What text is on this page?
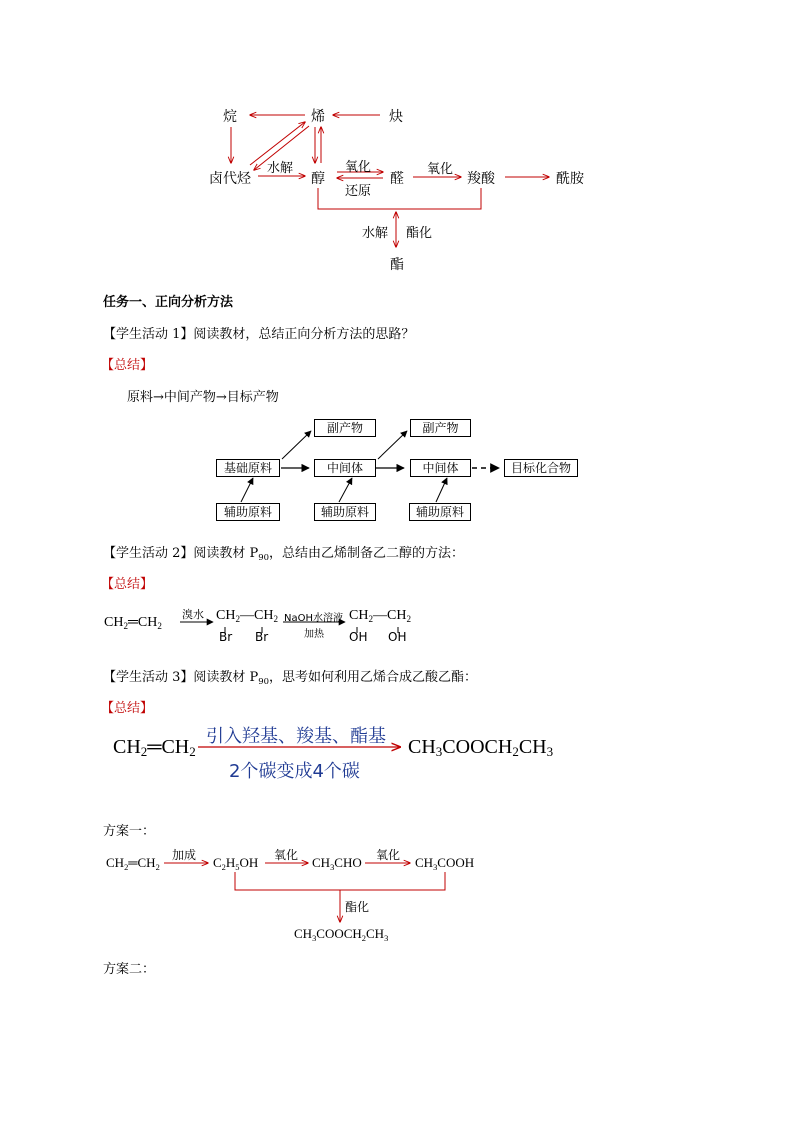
烷	烯	炔
卤代烃	醇	醛	羧酸	酰胺
酯
水解	氧化
还原
氧化
水解 酯化
任务一、正向分析方法
【学生活动 1】阅读教材，总结正向分析方法的思路？
【总结】
原料→中间产物→目标产物
副产物	副产物
基础原料	中间体	中间体	目标化合物
辅助原料	辅助原料	辅助原料
【学生活动 2】阅读教材 $P_{90}$，总结由乙烯制备乙二醇的方法：
【总结】
$CH_2═CH_2$
溴水 $CH_2—CH_2$
Br Br
NaOH水溶液
加热
$CH_2—CH_2$
OH OH
【学生活动 3】阅读教材 $P_{90}$，思考如何利用乙烯合成乙酸乙酯：
【总结】
$CH_2═CH_2$
引入羟基、羧基、酯基
2个碳变成4个碳
$CH_3COOCH_2CH_3$
方案一：
$CH_2═CH_2$
加成 $C_2H_5OH$ 氧化 $CH_3CHO$ 氧化 $CH_3COOH$
酯化
$CH_3COOCH_2CH_3$
方案二：
